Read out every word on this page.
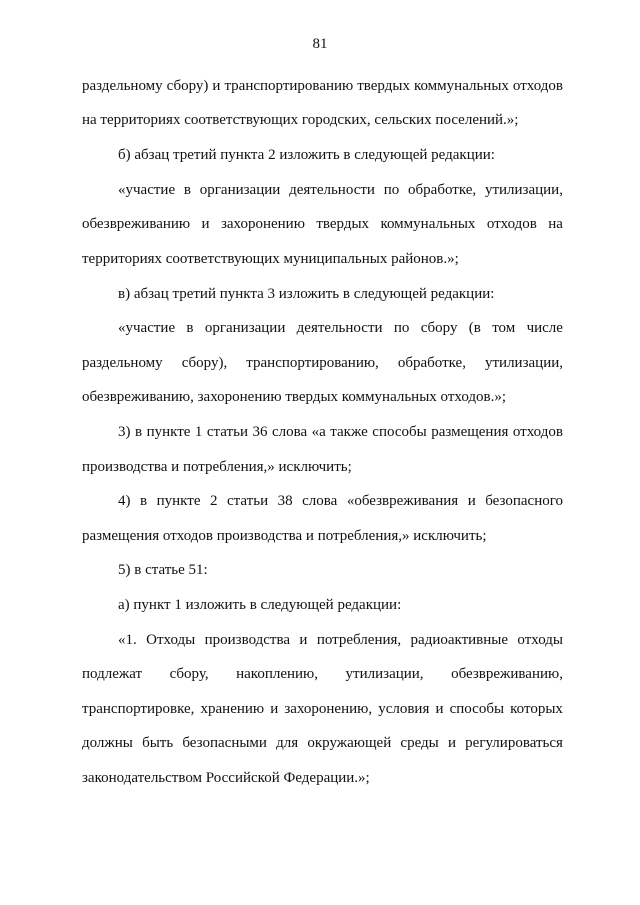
81
раздельному сбору) и транспортированию твердых коммунальных отходов
на территориях соответствующих городских, сельских поселений.»;
б) абзац третий пункта 2 изложить в следующей редакции:
«участие в организации деятельности по обработке, утилизации,
обезвреживанию и захоронению твердых коммунальных отходов на
территориях соответствующих муниципальных районов.»;
в) абзац третий пункта 3 изложить в следующей редакции:
«участие в организации деятельности по сбору (в том числе
раздельному сбору), транспортированию, обработке, утилизации,
обезвреживанию, захоронению твердых коммунальных отходов.»;
3) в пункте 1 статьи 36 слова «а также способы размещения отходов
производства и потребления,» исключить;
4) в пункте 2 статьи 38 слова «обезвреживания и безопасного
размещения отходов производства и потребления,» исключить;
5) в статье 51:
а) пункт 1 изложить в следующей редакции:
«1. Отходы производства и потребления, радиоактивные отходы
подлежат сбору, накоплению, утилизации, обезвреживанию,
транспортировке, хранению и захоронению, условия и способы которых
должны быть безопасными для окружающей среды и регулироваться
законодательством Российской Федерации.»;
